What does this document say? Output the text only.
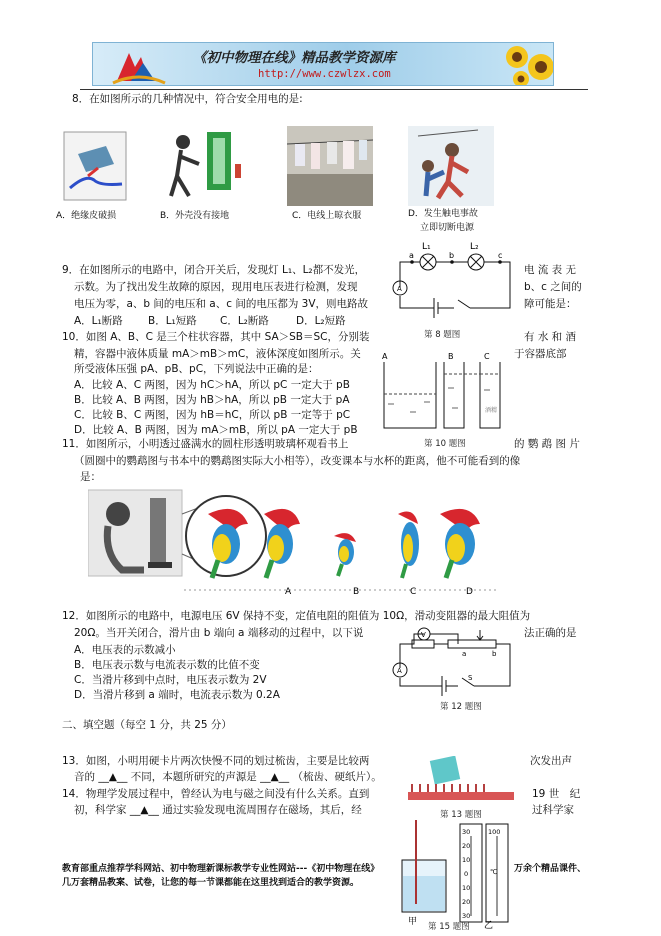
《初中物理在线》精品教学资源库
http://www.czwlzx.com
8．在如图所示的几种情况中，符合安全用电的是:
A．绝缘皮破损	B．外壳没有接地	C．电线上晾衣服	D．发生触电事故
立即切断电源
9．在如图所示的电路中，闭合开关后，发现灯 L₁、L₂都不发光，
示数。为了找出发生故障的原因，现用电压表进行检测，发现
电压为零，a、b 间的电压和 a、c 间的电压都为 3V，则电路故
电 流 表 无
b、c 之间的
障可能是：
A．L₁断路 B．L₁短路 C．L₂断路	D．L₂短路
A
L₁	L₂
a	b	c
第 8 题图
10．如图 A、B、C 是三个柱状容器，其中 SA＞SB＝SC，分别装
精，容器中液体质量 mA＞mB＞mC，液体深度如图所示。关
所受液体压强 pA、pB、pC，下列说法中正确的是：
有 水 和 酒
于容器底部
A．比较 A、C 两图，因为 hC＞hA，所以 pC 一定大于 pB
B．比较 A、B 两图，因为 hB＞hA，所以 pB 一定大于 pA
C．比较 B、C 两图，因为 hB＝hC，所以 pB 一定等于 pC
D．比较 A、B 两图，因为 mA＞mB，所以 pA 一定大于 pB
A	B	C
酒精
第 10 题图
11．如图所示，小明透过盛满水的圆柱形透明玻璃杯观看书上	的 鹦 鹉 图 片
（圆圈中的鹦鹉图与书本中的鹦鹉图实际大小相等），改变课本与水杯的距离，他不可能看到的像
是：
A	B	C	D
12．如图所示的电路中，电源电压 6V 保持不变，定值电阻的阻值为 10Ω，滑动变阻器的最大阻值为
20Ω。当开关闭合，滑片由 b 端向 a 端移动的过程中，以下说	法正确的是
A．电压表的示数减小
B．电压表示数与电流表示数的比值不变
C．当滑片移到中点时，电压表示数为 2V
D．当滑片移到 a 端时，电流表示数为 0.2A
V
A
a	b
S
第 12 题图
二、填空题（每空 1 分，共 25 分）
13．如图，小明用硬卡片两次快慢不同的划过梳齿，主要是比较两	次发出声
音的 __▲__ 不同，本题所研究的声源是 __▲__ （梳齿、硬纸片）。
第 13 题图
14．物理学发展过程中，曾经认为电与磁之间没有什么关系。直到	19 世　纪
初，科学家 __▲__ 通过实验发现电流周围存在磁场，其后，经	过科学家
教育部重点推荐学科网站、初中物理新课标教学专业性网站---《初中物理在线》	万余个精品课件、
几万套精品教案、试卷，让您的每一节课都能在这里找到适合的教学资源。
30
20
10
0
10
20
30
100
℃
甲	乙
第 15 题图
